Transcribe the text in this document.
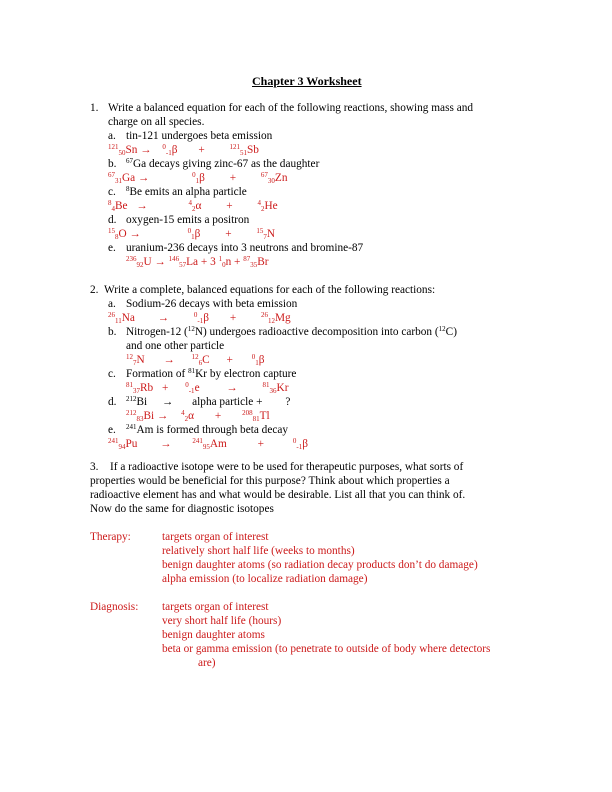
Chapter 3 Worksheet
1. Write a balanced equation for each of the following reactions, showing mass and
charge on all species.
a. tin-121 undergoes beta emission
$^{121}_{50}$Sn → $^0_{-1}$β +	$^{121}_{51}$Sb
b. $^{67}$Ga decays giving zinc-67 as the daughter
$^{67}_{31}$Ga →	$^0_1$β +	$^{67}_{30}$Zn
c. $^8$Be emits an alpha particle
$^8_4$Be →	$^4_2$α +	$^4_2$He
d. oxygen-15 emits a positron
$^{15}_8$O →	$^0_1$β +	$^{15}_7$N
e. uranium-236 decays into 3 neutrons and bromine-87
$^{236}_{92}$U → $^{146}_{57}$La + 3 $^1_0$n + $^{87}_{35}$Br
2. Write a complete, balanced equations for each of the following reactions:
a. Sodium-26 decays with beta emission
$^{26}_{11}$Na →	$^0_{-1}$β +	$^{26}_{12}$Mg
b. Nitrogen-12 ($^{12}$N) undergoes radioactive decomposition into carbon ($^{12}$C)
and one other particle
$^{12}_7$N → $^{12}_6$C +	$^0_1$β
c. Formation of $^{81}$Kr by electron capture
$^{81}_{37}$Rb + $^0_{-1}$e →	$^{81}_{36}$Kr
d. $^{212}$Bi → alpha particle + ?
$^{212}_{83}$Bi → $^4_2$α +	$^{208}_{81}$Tl
e. $^{241}$Am is formed through beta decay
$^{241}_{94}$Pu →	$^{241}_{95}$Am	+	$^0_{-1}$β
3. If a radioactive isotope were to be used for therapeutic purposes, what sorts of
properties would be beneficial for this purpose? Think about which properties a
radioactive element has and what would be desirable. List all that you can think of.
Now do the same for diagnostic isotopes
Therapy:	targets organ of interest
relatively short half life (weeks to months)
benign daughter atoms (so radiation decay products don’t do damage)
alpha emission (to localize radiation damage)
Diagnosis: targets organ of interest
very short half life (hours)
benign daughter atoms
beta or gamma emission (to penetrate to outside of body where detectors
are)
